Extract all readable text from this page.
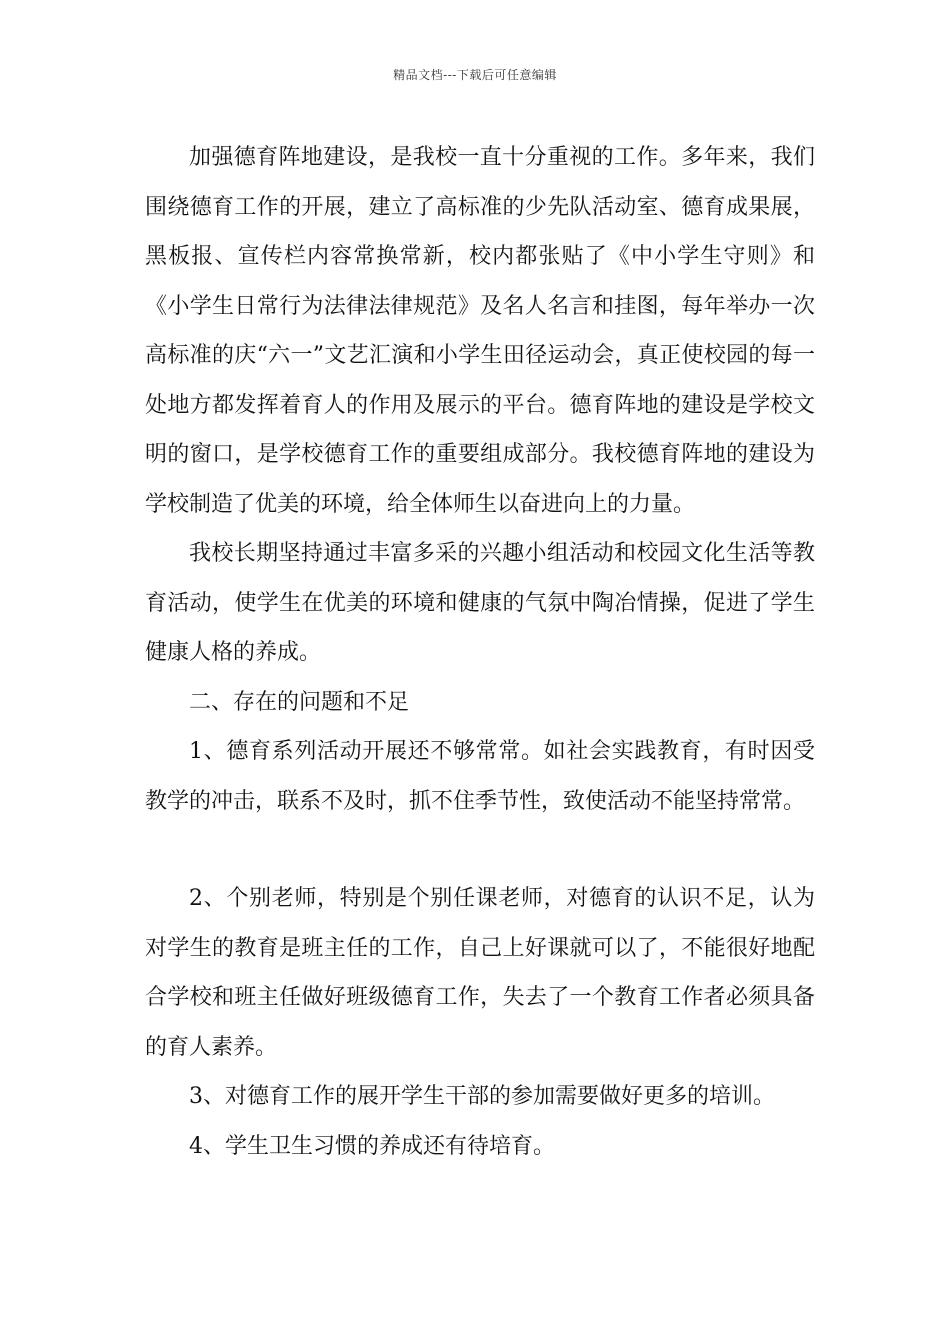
精品文档---下载后可任意编辑

加强德育阵地建设，是我校一直十分重视的工作。多年来，我们围绕德育工作的开展，建立了高标准的少先队活动室、德育成果展，黑板报、宣传栏内容常换常新，校内都张贴了《中小学生守则》和《小学生日常行为法律法律规范》及名人名言和挂图，每年举办一次高标准的庆“六一”文艺汇演和小学生田径运动会，真正使校园的每一处地方都发挥着育人的作用及展示的平台。德育阵地的建设是学校文明的窗口，是学校德育工作的重要组成部分。我校德育阵地的建设为学校制造了优美的环境，给全体师生以奋进向上的力量。

我校长期坚持通过丰富多采的兴趣小组活动和校园文化生活等教育活动，使学生在优美的环境和健康的气氛中陶冶情操，促进了学生健康人格的养成。

二、存在的问题和不足

1、德育系列活动开展还不够常常。如社会实践教育，有时因受教学的冲击，联系不及时，抓不住季节性，致使活动不能坚持常常。

2、个别老师，特别是个别任课老师，对德育的认识不足，认为对学生的教育是班主任的工作，自己上好课就可以了，不能很好地配合学校和班主任做好班级德育工作，失去了一个教育工作者必须具备的育人素养。

3、对德育工作的展开学生干部的参加需要做好更多的培训。

4、学生卫生习惯的养成还有待培育。
